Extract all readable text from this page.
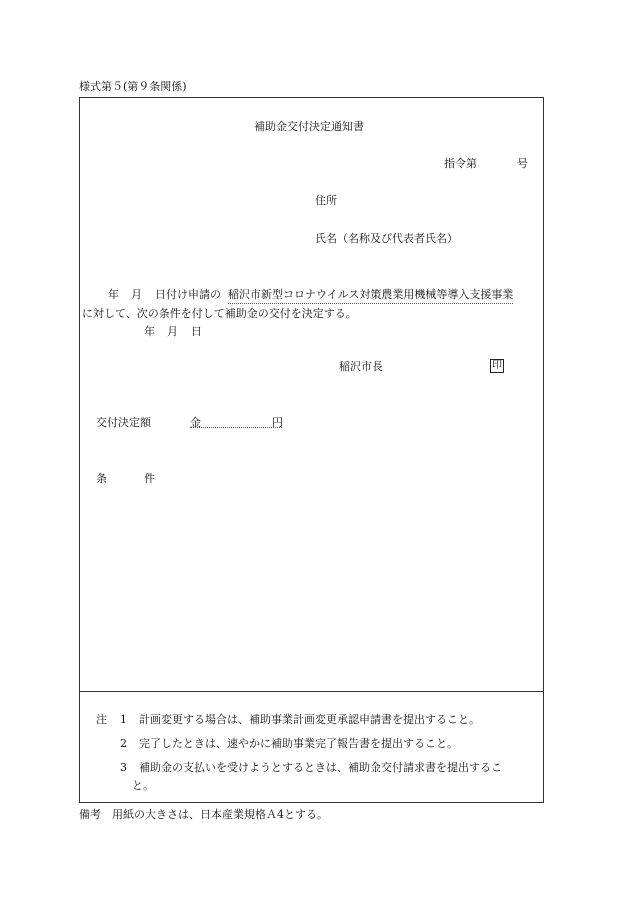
様式第５(第９条関係)
補助金交付決定通知書
指令第	号
住所
氏名（名称及び代表者氏名）
年 月 日付け申請の 稲沢市新型コロナウイルス対策農業用機械等導入支援事業
に対して、次の条件を付して補助金の交付を決定する。
年 月 日
稲沢市長	印
交付決定額	金	円
条	件
注 1 計画変更する場合は、補助事業計画変更承認申請書を提出すること。
2 完了したときは、速やかに補助事業完了報告書を提出すること。
3 補助金の支払いを受けようとするときは、補助金交付請求書を提出するこ
と。
備考　用紙の大きさは、日本産業規格Ａ4とする。
